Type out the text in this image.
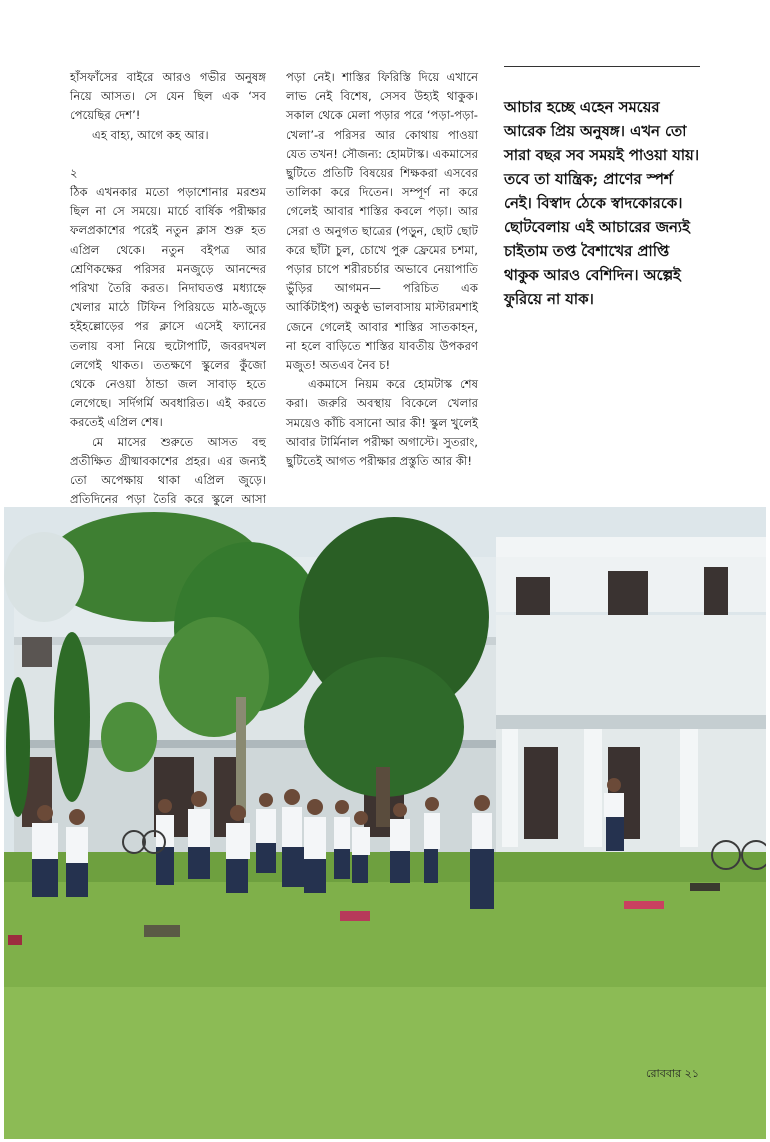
হাঁসফাঁসের বাইরে আরও গভীর অনুষঙ্গ নিয়ে আসত। সে যেন ছিল এক ‘সব পেয়েছির দেশ’!

এহ বাহ্য, আগে কহ আর।

২

ঠিক এখনকার মতো পড়াশোনার মরশুম ছিল না সে সময়ে। মার্চে বার্ষিক পরীক্ষার ফলপ্রকাশের পরেই নতুন ক্লাস শুরু হত এপ্রিল থেকে। নতুন বইপত্র আর শ্রেণিকক্ষের পরিসর মনজুড়ে আনন্দের পরিখা তৈরি করত। নিদাঘতপ্ত মধ্যাহ্নে খেলার মাঠে টিফিন পিরিয়ডে মাঠ-জুড়ে হইহল্লোড়ের পর ক্লাসে এসেই ফ্যানের তলায় বসা নিয়ে হুটোপাটি, জবরদখল লেগেই থাকত। ততক্ষণে স্কুলের কুঁজো থেকে নেওয়া ঠান্ডা জল সাবাড় হতে লেগেছে। সর্দিগর্মি অবধারিত। এই করতে করতেই এপ্রিল শেষ।

মে মাসের শুরুতে আসত বহু প্রতীক্ষিত গ্রীষ্মাবকাশের প্রহর। এর জন্যই তো অপেক্ষায় থাকা এপ্রিল জুড়ে। প্রতিদিনের পড়া তৈরি করে স্কুলে আসা

পড়া নেই। শাস্তির ফিরিস্তি দিয়ে এখানে লাভ নেই বিশেষ, সেসব উহ্যই থাকুক। সকাল থেকে মেলা পড়ার পরে ‘পড়া-পড়া-খেলা’-র পরিসর আর কোথায় পাওয়া যেত তখন! সৌজন্য: হোমটাস্ক। একমাসের ছুটিতে প্রতিটি বিষয়ের শিক্ষকরা এসবের তালিকা করে দিতেন। সম্পূর্ণ না করে গেলেই আবার শাস্তির কবলে পড়া। আর সেরা ও অনুগত ছাত্রের (পড়ুন, ছোট ছোট করে ছাঁটা চুল, চোখে পুরু ফ্রেমের চশমা, পড়ার চাপে শরীরচর্চার অভাবে নেয়াপাতি ভুঁড়ির আগমন— পরিচিত এক আর্কিটাইপ) অকুণ্ঠ ভালবাসায় মাস্টারমশাই জেনে গেলেই আবার শাস্তির সাতকাহন, না হলে বাড়িতে শাস্তির যাবতীয় উপকরণ মজুত! অতএব নৈব চ!

একমাসে নিয়ম করে হোমটাস্ক শেষ করা। জরুরি অবস্থায় বিকেলে খেলার সময়েও কাঁচি বসানো আর কী! স্কুল খুলেই আবার টার্মিনাল পরীক্ষা অগাস্টে। সুতরাং, ছুটিতেই আগত পরীক্ষার প্রস্তুতি আর কী!

আচার হচ্ছে এহেন সময়ের আরেক প্রিয় অনুষঙ্গ। এখন তো সারা বছর সব সময়ই পাওয়া যায়। তবে তা যান্ত্রিক; প্রাণের স্পর্শ নেই। বিস্বাদ ঠেকে স্বাদকোরকে। ছোটবেলায় এই আচারের জন্যই চাইতাম তপ্ত বৈশাখের প্রাপ্তি থাকুক আরও বেশিদিন। অল্পেই ফুরিয়ে না যাক।
রোববার ২১
